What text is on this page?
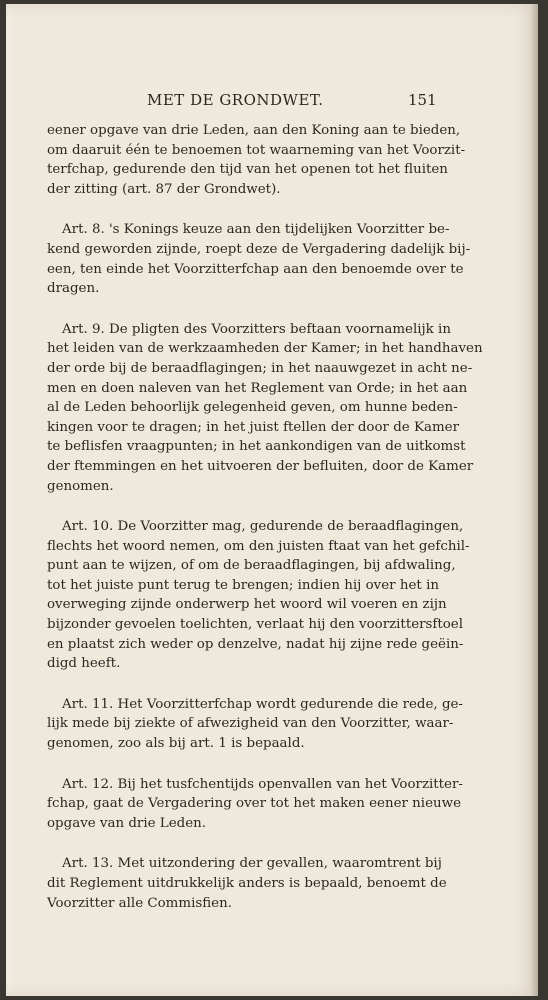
MET DE GRONDWET.	151

eener opgave van drie Leden, aan den Koning aan te bieden,
om daaruit één te benoemen tot waarneming van het Voorzit-
terfchap, gedurende den tijd van het openen tot het fluiten
der zitting (art. 87 der Grondwet).

Art. 8. 's Konings keuze aan den tijdelijken Voorzitter be-
kend geworden zijnde, roept deze de Vergadering dadelijk bij-
een, ten einde het Voorzitterfchap aan den benoemde over te
dragen.

Art. 9. De pligten des Voorzitters beftaan voornamelijk in
het leiden van de werkzaamheden der Kamer; in het handhaven
der orde bij de beraadflagingen; in het naauwgezet in acht ne-
men en doen naleven van het Reglement van Orde; in het aan
al de Leden behoorlijk gelegenheid geven, om hunne beden-
kingen voor te dragen; in het juist ftellen der door de Kamer
te beflisfen vraagpunten; in het aankondigen van de uitkomst
der ftemmingen en het uitvoeren der befluiten, door de Kamer
genomen.

Art. 10. De Voorzitter mag, gedurende de beraadflagingen,
flechts het woord nemen, om den juisten ftaat van het gefchil-
punt aan te wijzen, of om de beraadflagingen, bij afdwaling,
tot het juiste punt terug te brengen; indien hij over het in
overweging zijnde onderwerp het woord wil voeren en zijn
bijzonder gevoelen toelichten, verlaat hij den voorzittersftoel
en plaatst zich weder op denzelve, nadat hij zijne rede geëin-
digd heeft.

Art. 11. Het Voorzitterfchap wordt gedurende die rede, ge-
lijk mede bij ziekte of afwezigheid van den Voorzitter, waar-
genomen, zoo als bij art. 1 is bepaald.

Art. 12. Bij het tusfchentijds openvallen van het Voorzitter-
fchap, gaat de Vergadering over tot het maken eener nieuwe
opgave van drie Leden.

Art. 13. Met uitzondering der gevallen, waaromtrent bij
dit Reglement uitdrukkelijk anders is bepaald, benoemt de
Voorzitter alle Commisfien.
